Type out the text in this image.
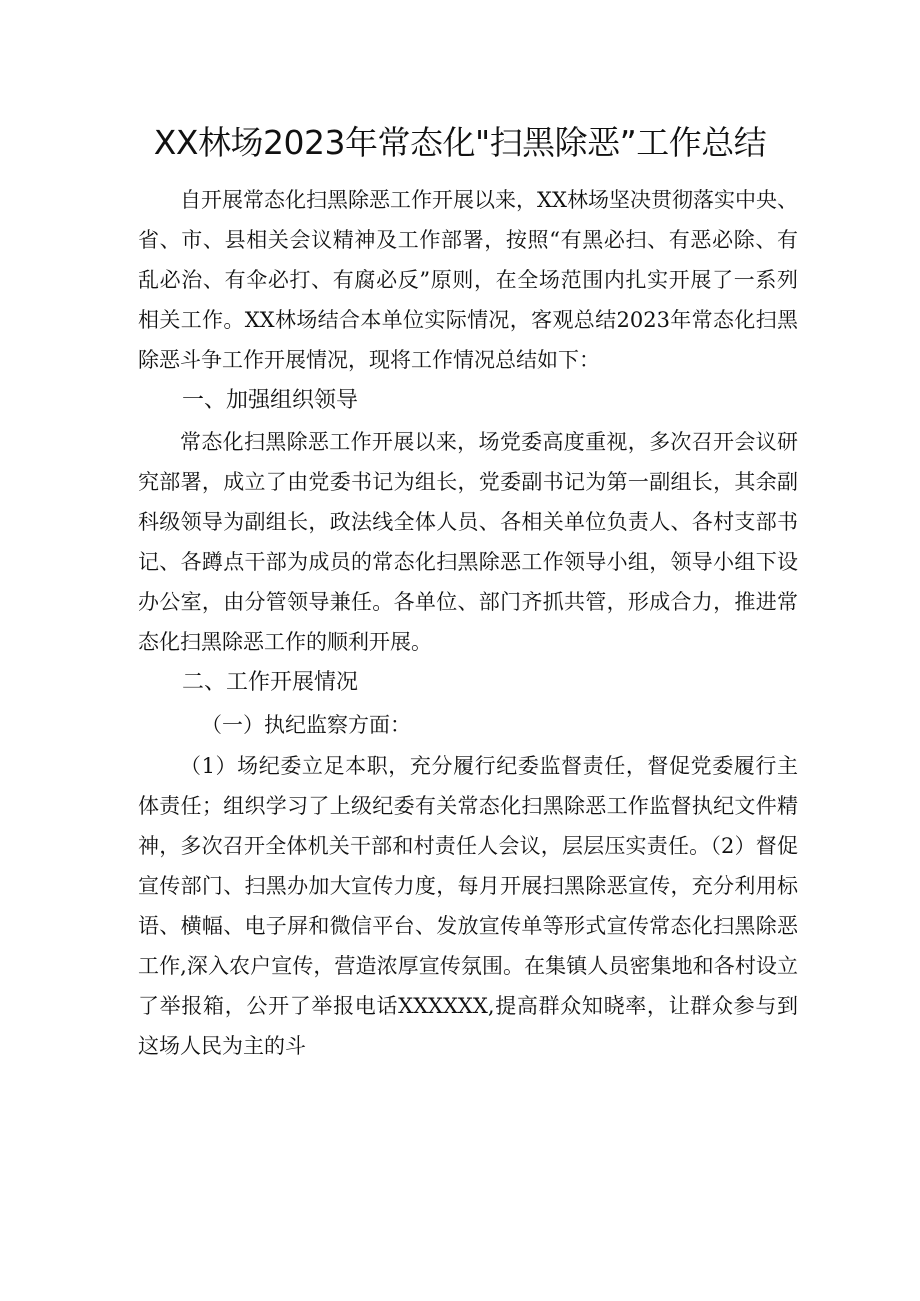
XX林场2023年常态化"扫黑除恶”工作总结

自开展常态化扫黑除恶工作开展以来，XX林场坚决贯彻落实中央、省、市、县相关会议精神及工作部署，按照“有黑必扫、有恶必除、有乱必治、有伞必打、有腐必反”原则，在全场范围内扎实开展了一系列相关工作。XX林场结合本单位实际情况，客观总结2023年常态化扫黑除恶斗争工作开展情况，现将工作情况总结如下：

一、加强组织领导

常态化扫黑除恶工作开展以来，场党委高度重视，多次召开会议研究部署，成立了由党委书记为组长，党委副书记为第一副组长，其余副科级领导为副组长，政法线全体人员、各相关单位负责人、各村支部书记、各蹲点干部为成员的常态化扫黑除恶工作领导小组，领导小组下设办公室，由分管领导兼任。各单位、部门齐抓共管，形成合力，推进常态化扫黑除恶工作的顺利开展。

二、工作开展情况
（一）执纪监察方面：

（1）场纪委立足本职，充分履行纪委监督责任，督促党委履行主体责任；组织学习了上级纪委有关常态化扫黑除恶工作监督执纪文件精神，多次召开全体机关干部和村责任人会议，层层压实责任。（2）督促宣传部门、扫黑办加大宣传力度，每月开展扫黑除恶宣传，充分利用标语、横幅、电子屏和微信平台、发放宣传单等形式宣传常态化扫黑除恶工作,深入农户宣传，营造浓厚宣传氛围。在集镇人员密集地和各村设立了举报箱，公开了举报电话XXXXXX,提高群众知晓率，让群众参与到这场人民为主的斗
